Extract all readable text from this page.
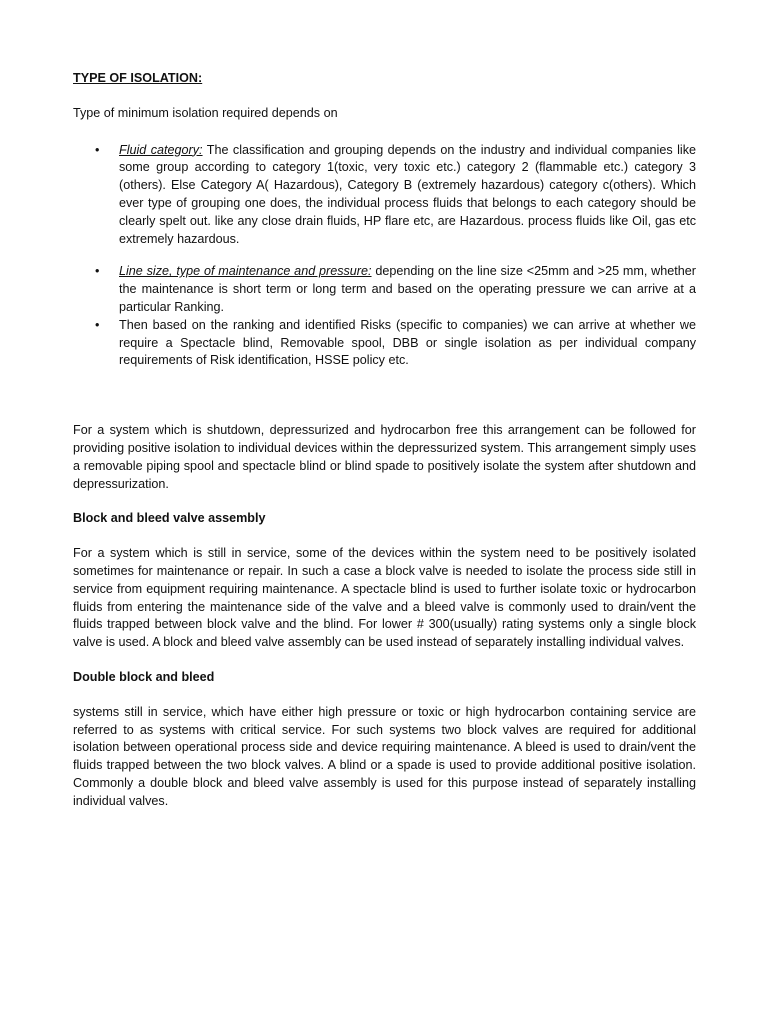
TYPE OF ISOLATION:

Type of minimum isolation required depends on

• Fluid category: The classification and grouping depends on the industry and individual companies like some group according to category 1(toxic, very toxic etc.) category 2 (flammable etc.) category 3 (others). Else Category A( Hazardous), Category B (extremely hazardous) category c(others). Which ever type of grouping one does, the individual process fluids that belongs to each category should be clearly spelt out. like any close drain fluids, HP flare etc, are Hazardous. process fluids like Oil, gas etc extremely hazardous.
• Line size, type of maintenance and pressure: depending on the line size <25mm and >25 mm, whether the maintenance is short term or long term and based on the operating pressure we can arrive at a particular Ranking.
• Then based on the ranking and identified Risks (specific to companies) we can arrive at whether we require a Spectacle blind, Removable spool, DBB or single isolation as per individual company requirements of Risk identification, HSSE policy etc.

For a system which is shutdown, depressurized and hydrocarbon free this arrangement can be followed for providing positive isolation to individual devices within the depressurized system. This arrangement simply uses a removable piping spool and spectacle blind or blind spade to positively isolate the system after shutdown and depressurization.

Block and bleed valve assembly

For a system which is still in service, some of the devices within the system need to be positively isolated sometimes for maintenance or repair. In such a case a block valve is needed to isolate the process side still in service from equipment requiring maintenance. A spectacle blind is used to further isolate toxic or hydrocarbon fluids from entering the maintenance side of the valve and a bleed valve is commonly used to drain/vent the fluids trapped between block valve and the blind. For lower # 300(usually) rating systems only a single block valve is used. A block and bleed valve assembly can be used instead of separately installing individual valves.

Double block and bleed

systems still in service, which have either high pressure or toxic or high hydrocarbon containing service are referred to as systems with critical service. For such systems two block valves are required for additional isolation between operational process side and device requiring maintenance. A bleed is used to drain/vent the fluids trapped between the two block valves. A blind or a spade is used to provide additional positive isolation. Commonly a double block and bleed valve assembly is used for this purpose instead of separately installing individual valves.
